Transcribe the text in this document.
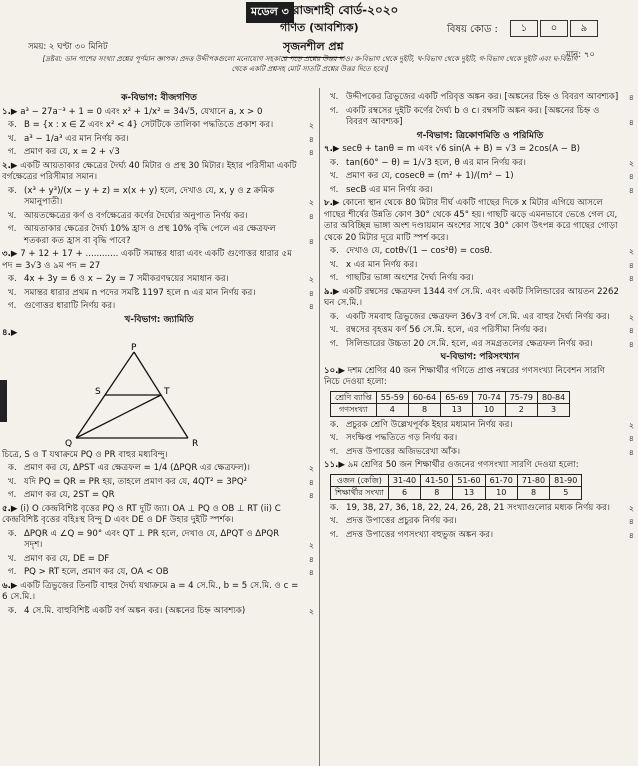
মডেল ৩ রাজশাহী বোর্ড-২০২০
গণিত (আবশ্যিক)
সৃজনশীল প্রশ্ন
বিষয় কোড :	১	০	৯
সময়: ২ ঘণ্টা ৩০ মিনিট
মান: ৭০
[দ্রষ্টব্য: ডান পাশের সংখ্যা প্রশ্নের পূর্ণমান জ্ঞাপক। প্রদত্ত উদ্দীপকগুলো মনোযোগ সহকারে পড়ে প্রশ্নের উত্তর দাও। ক-বিভাগ থেকে দুইটি, খ-বিভাগ থেকে দুইটি, গ-বিভাগ থেকে দুইটি এবং ঘ-বিভাগ থেকে একটি প্রশ্নসহ মোট সাতটি প্রশ্নের উত্তর দিতে হবে।]
ক-বিভাগ: বীজগণিত
১.▶ a³ − 27a⁻³ + 1 = 0 এবং x² + 1/x² = 34√5, যেখানে a, x > 0
ক. B = {x : x ∈ Z এবং x² < 4} সেটটিকে তালিকা পদ্ধতিতে প্রকাশ কর।	২
খ. a³ − 1/a³ এর মান নির্ণয় কর।	৪
গ. প্রমাণ কর যে, x = 2 + √3	৪
২.▶ একটি আয়তাকার ক্ষেত্রের দৈর্ঘ্য 40 মিটার ও প্রস্থ 30 মিটার। ইহার পরিসীমা একটি বর্গক্ষেত্রের পরিসীমার সমান।
ক. (x³ + y³)/(x − y + z) = x(x + y) হলে, দেখাও যে, x, y ও z ক্রমিক সমানুপাতী।	২
খ. আয়তক্ষেত্রের কর্ণ ও বর্গক্ষেত্রের কর্ণের দৈর্ঘ্যের অনুপাত নির্ণয় কর।	৪
গ. আয়তাকার ক্ষেত্রের দৈর্ঘ্য 10% হ্রাস ও প্রস্থ 10% বৃদ্ধি পেলে এর ক্ষেত্রফল শতকরা কত হ্রাস বা বৃদ্ধি পাবে?	৪
৩.▶ 7 + 12 + 17 + ............ একটি সমান্তর ধারা এবং একটি গুণোত্তর ধারার ৫ম পদ = 3√3 ও ৯ম পদ = 27
ক. 4x + 3y = 6 ও x − 2y = 7 সমীকরণদ্বয়ের সমাধান কর।	২
খ. সমান্তর ধারার প্রথম n পদের সমষ্টি 1197 হলে n এর মান নির্ণয় কর।	৪
গ. গুণোত্তর ধারাটি নির্ণয় কর।	৪
খ-বিভাগ: জ্যামিতি
৪.▶
P
Q	R
S	T
চিত্রে, S ও T যথাক্রমে PQ ও PR বাহুর মধ্যবিন্দু।
ক. প্রমাণ কর যে, ΔPST এর ক্ষেত্রফল = 1/4 (ΔPQR এর ক্ষেত্রফল)।	২
খ. যদি PQ = QR = PR হয়, তাহলে প্রমাণ কর যে, 4QT² = 3PQ²	৪
গ. প্রমাণ কর যে, 2ST = QR	৪
৫.▶ (i) O কেন্দ্রবিশিষ্ট বৃত্তের PQ ও RT দুটি জ্যা। OA ⊥ PQ ও OB ⊥ RT (ii) C কেন্দ্রবিশিষ্ট বৃত্তের বহিঃস্থ বিন্দু D এবং DE ও DF উহার দুইটি স্পর্শক।
ক. ΔPQR এ ∠Q = 90° এবং QT ⊥ PR হলে, দেখাও যে, ΔPQT ও ΔPQR সদৃশ।	২
খ. প্রমাণ কর যে, DE = DF	৪
গ. PQ > RT হলে, প্রমাণ কর যে, OA < OB	৪
৬.▶ একটি ত্রিভুজের তিনটি বাহুর দৈর্ঘ্য যথাক্রমে a = 4 সে.মি., b = 5 সে.মি. ও c = 6 সে.মি.।
ক. 4 সে.মি. বাহুবিশিষ্ট একটি বর্গ অঙ্কন কর। (অঙ্কনের চিহ্ন আবশ্যক)	২
খ. উদ্দীপকের ত্রিভুজের একটি পরিবৃত্ত অঙ্কন কর। [অঙ্কনের চিহ্ন ও বিবরণ আবশ্যক] ৪
গ. একটি রম্বসের দুইটি কর্ণের দৈর্ঘ্য b ও c। রম্বসটি অঙ্কন কর। [অঙ্কনের চিহ্ন ও বিবরণ আবশ্যক]	৪
গ-বিভাগ: ত্রিকোণমিতি ও পরিমিতি
৭.▶ secθ + tanθ = m এবং √6 sin(A + B) = √3 = 2cos(A − B)
ক. tan(60° − θ) = 1/√3 হলে, θ এর মান নির্ণয় কর।	২
খ. প্রমাণ কর যে, cosecθ = (m² + 1)/(m² − 1)	৪
গ. secB এর মান নির্ণয় কর।	৪
৮.▶ কোনো স্থান থেকে 80 মিটার দীর্ঘ একটি গাছের দিকে x মিটার এগিয়ে আসলে গাছের শীর্ষের উন্নতি কোণ 30° থেকে 45° হয়। গাছটি ঝড়ে এমনভাবে ভেঙে গেল যে, তার অবিচ্ছিন্ন ভাঙ্গা অংশ দণ্ডায়মান অংশের সাথে 30° কোণ উৎপন্ন করে গাছের গোড়া থেকে 20 মিটার দূরে মাটি স্পর্শ করে।
ক. দেখাও যে, cotθ√(1 − cos²θ) = cosθ.	২
খ. x এর মান নির্ণয় কর।	৪
গ. গাছটির ভাঙ্গা অংশের দৈর্ঘ্য নির্ণয় কর।	৪
৯.▶ একটি রম্বসের ক্ষেত্রফল 1344 বর্গ সে.মি. এবং একটি সিলিন্ডারের আয়তন 2262 ঘন সে.মি.।
ক. একটি সমবাহু ত্রিভুজের ক্ষেত্রফল 36√3 বর্গ সে.মি. এর বাহুর দৈর্ঘ্য নির্ণয় কর। ২
খ. রম্বসের বৃহত্তম কর্ণ 56 সে.মি. হলে, এর পরিসীমা নির্ণয় কর।	৪
গ. সিলিন্ডারের উচ্চতা 20 সে.মি. হলে, এর সমগ্রতলের ক্ষেত্রফল নির্ণয় কর।	৪
ঘ-বিভাগ: পরিসংখ্যান
১০.▶ দশম শ্রেণির 40 জন শিক্ষার্থীর গণিতে প্রাপ্ত নম্বরের গণসংখ্যা নিবেশন সারণি নিচে দেওয়া হলো:
শ্রেণি ব্যাপ্তি	55-59	60-64	65-69	70-74	75-79	80-84
গণসংখ্যা	4	8	13	10	2	3
ক. প্রচুরক শ্রেণি উল্লেখপূর্বক ইহার মধ্যমান নির্ণয় কর।	২
খ. সংক্ষিপ্ত পদ্ধতিতে গড় নির্ণয় কর।	৪
গ. প্রদত্ত উপাত্তের অজিভরেখা আঁক।	৪
১১.▶ ৯ম শ্রেণির 50 জন শিক্ষার্থীর ওজনের গণসংখ্যা সারণি দেওয়া হলো:
ওজন (কেজি)	31-40	41-50	51-60	61-70	71-80	81-90
শিক্ষার্থীর সংখ্যা	6	8	13	10	8	5
ক. 19, 38, 27, 36, 18, 22, 24, 26, 28, 21 সংখ্যাগুলোর মধ্যক নির্ণয় কর। ২
খ. প্রদত্ত উপাত্তের প্রচুরক নির্ণয় কর।	৪
গ. প্রদত্ত উপাত্তের গণসংখ্যা বহুভুজ অঙ্কন কর।	৪
